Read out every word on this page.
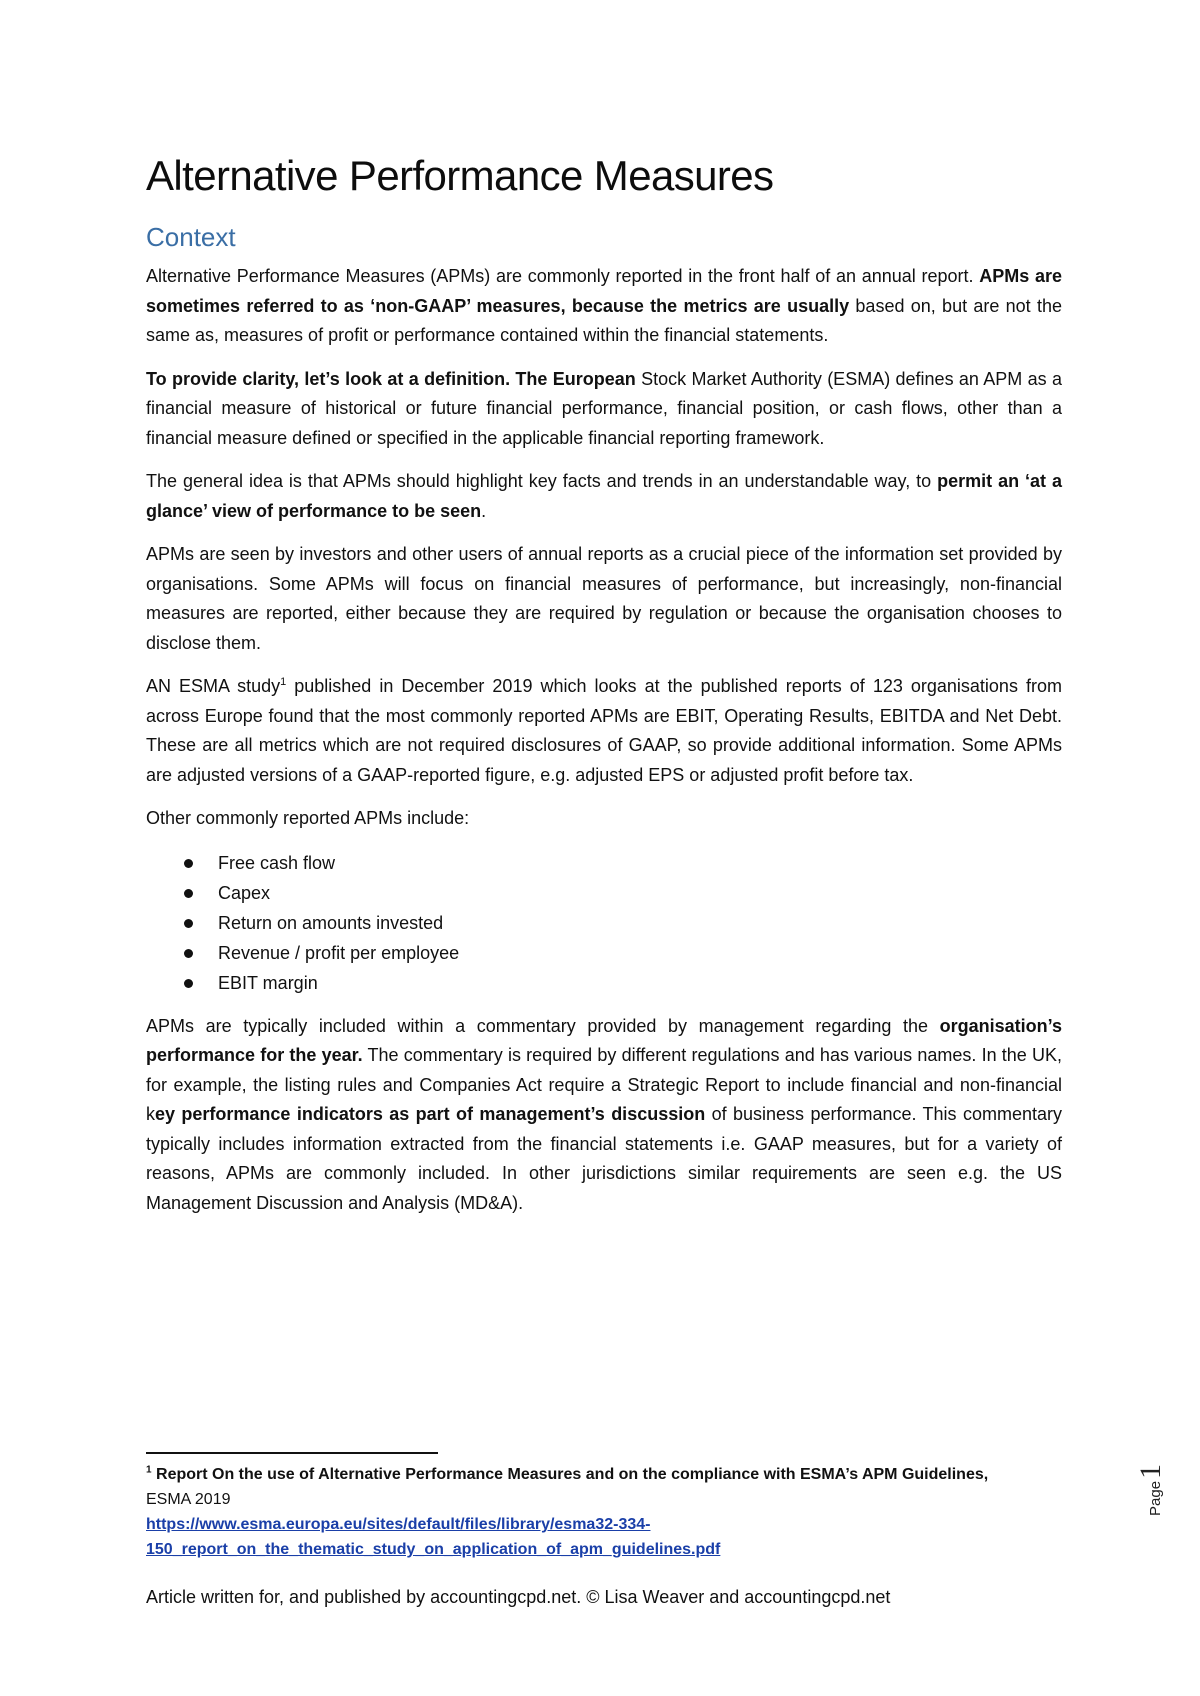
Alternative Performance Measures
Context

Alternative Performance Measures (APMs) are commonly reported in the front half of an annual report. APMs are sometimes referred to as ‘non-GAAP’ measures, because the metrics are usually based on, but are not the same as, measures of profit or performance contained within the financial statements.

To provide clarity, let’s look at a definition. The European Stock Market Authority (ESMA) defines an APM as a financial measure of historical or future financial performance, financial position, or cash flows, other than a financial measure defined or specified in the applicable financial reporting framework.

The general idea is that APMs should highlight key facts and trends in an understandable way, to permit an ‘at a glance’ view of performance to be seen.

APMs are seen by investors and other users of annual reports as a crucial piece of the information set provided by organisations. Some APMs will focus on financial measures of performance, but increasingly, non-financial measures are reported, either because they are required by regulation or because the organisation chooses to disclose them.

AN ESMA study$^1$ published in December 2019 which looks at the published reports of 123 organisations from across Europe found that the most commonly reported APMs are EBIT, Operating Results, EBITDA and Net Debt. These are all metrics which are not required disclosures of GAAP, so provide additional information. Some APMs are adjusted versions of a GAAP-reported figure, e.g. adjusted EPS or adjusted profit before tax.

Other commonly reported APMs include:

Free cash flow
Capex
Return on amounts invested
Revenue / profit per employee
EBIT margin

APMs are typically included within a commentary provided by management regarding the organisation’s performance for the year. The commentary is required by different regulations and has various names. In the UK, for example, the listing rules and Companies Act require a Strategic Report to include financial and non-financial key performance indicators as part of management’s discussion of business performance. This commentary typically includes information extracted from the financial statements i.e. GAAP measures, but for a variety of reasons, APMs are commonly included. In other jurisdictions similar requirements are seen e.g. the US Management Discussion and Analysis (MD&A).

Page1
$^1$ Report On the use of Alternative Performance Measures and on the compliance with ESMA’s APM Guidelines,
ESMA 2019
https://www.esma.europa.eu/sites/default/files/library/esma32-334-
150_report_on_the_thematic_study_on_application_of_apm_guidelines.pdf
Article written for, and published by accountingcpd.net. © Lisa Weaver and accountingcpd.net
